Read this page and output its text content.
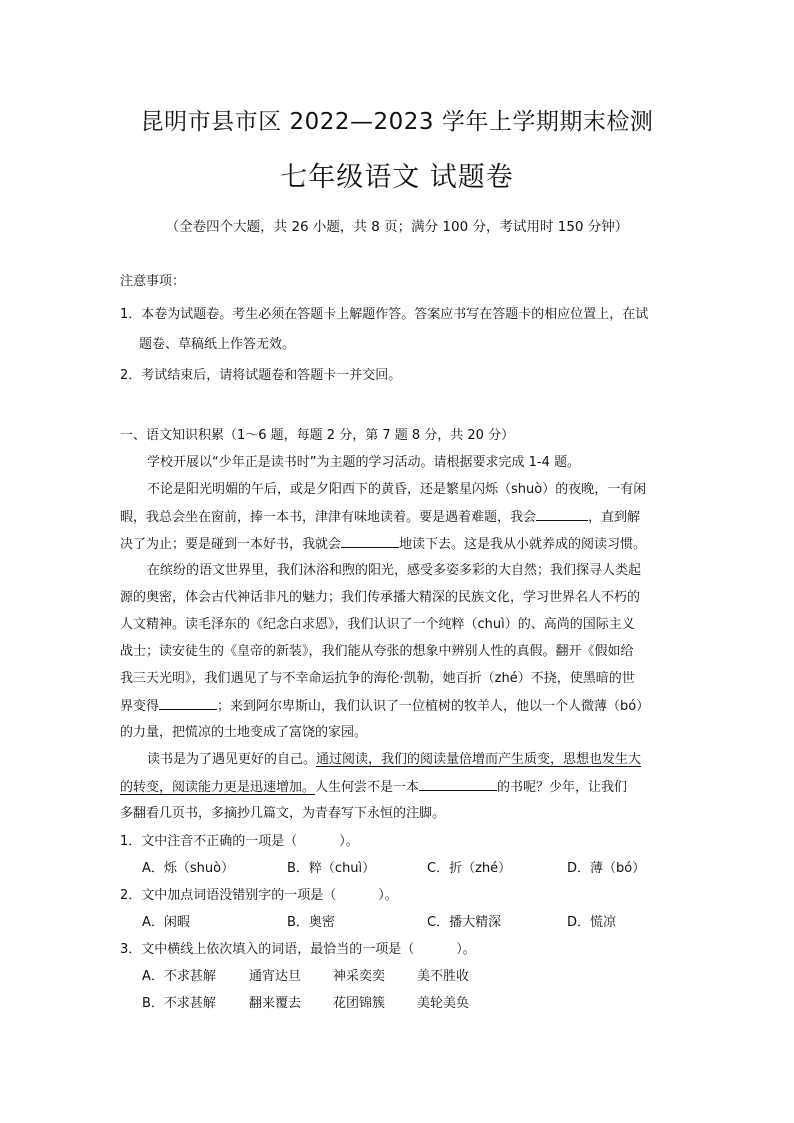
昆明市县市区 2022—2023 学年上学期期末检测
七年级语文 试题卷
（全卷四个大题，共 26 小题，共 8 页；满分 100 分，考试用时 150 分钟）
注意事项：
1．本卷为试题卷。考生必须在答题卡上解题作答。答案应书写在答题卡的相应位置上，在试
题卷、草稿纸上作答无效。
2．考试结束后，请将试题卷和答题卡一并交回。
一、语文知识积累（1～6 题，每题 2 分，第 7 题 8 分，共 20 分）
学校开展以“少年正是读书时”为主题的学习活动。请根据要求完成 1-4 题。
不论是阳光明媚的午后，或是夕阳西下的黄昏，还是繁星闪烁（shuò）的夜晚，一有闲
暇，我总会坐在窗前，捧一本书，津津有味地读着。要是遇着难题，我会	，直到解
决了为止；要是碰到一本好书，我就会	地读下去。这是我从小就养成的阅读习惯。
在缤纷的语文世界里，我们沐浴和煦的阳光，感受多姿多彩的大自然；我们探寻人类起
源的奥密，体会古代神话非凡的魅力；我们传承播大精深的民族文化，学习世界名人不朽的
人文精神。读毛泽东的《纪念白求恩》，我们认识了一个纯粹（chuì）的、高尚的国际主义
战士；读安徒生的《皇帝的新装》，我们能从夸张的想象中辨别人性的真假。翻开《假如给
我三天光明》，我们遇见了与不幸命运抗争的海伦·凯勒，她百折（zhé）不挠，使黑暗的世
界变得	；来到阿尔卑斯山，我们认识了一位植树的牧羊人，他以一个人微薄（bó）
的力量，把慌凉的土地变成了富饶的家园。
读书是为了遇见更好的自己。通过阅读，我们的阅读量倍增而产生质变，思想也发生大
的转变，阅读能力更是迅速增加。人生何尝不是一本	的书呢？少年，让我们
多翻看几页书，多摘抄几篇文，为青春写下永恒的注脚。
1．文中注音不正确的一项是（	）。
A．烁（shuò）	B．粹（chuì）	C．折（zhé）	D．薄（bó）
2．文中加点词语没错别字的一项是（	）。
A．闲暇	B．奥密	C．播大精深	D．慌凉
3．文中横线上依次填入的词语，最恰当的一项是（	）。
A．不求甚解	通宵达旦 神采奕奕 美不胜收
B．不求甚解	翻来覆去 花团锦簇 美轮美奂
